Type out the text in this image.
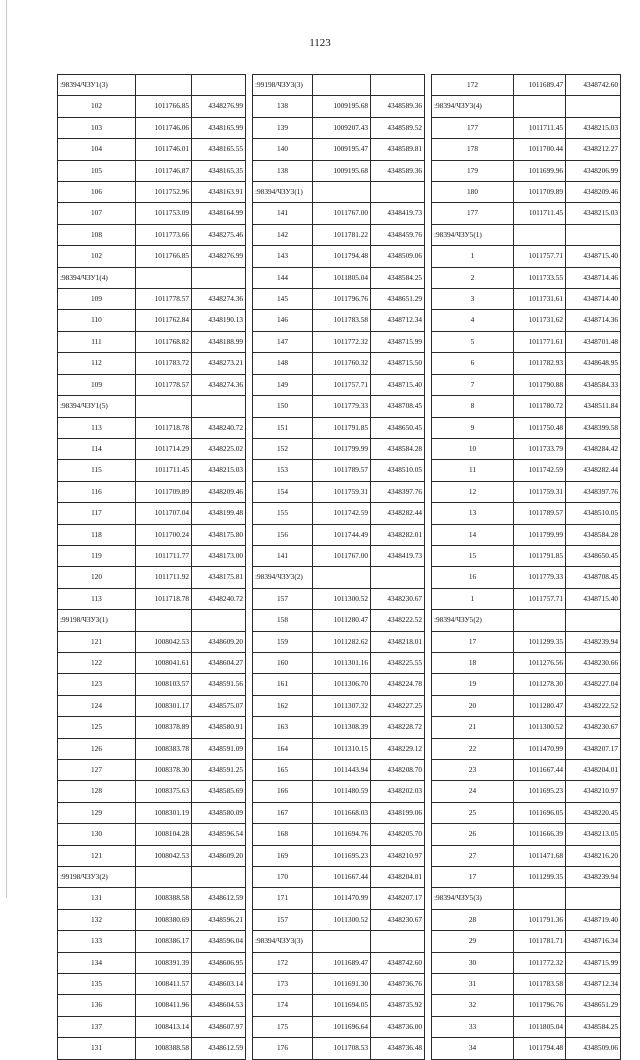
1123
:98394/ЧЗУ1(3)		
102	1011766.85	4348276.99
103	1011746.06	4348165.99
104	1011746.01	4348165.55
105	1011746.87	4348165.35
106	1011752.96	4348163.91
107	1011753.09	4348164.99
108	1011773.66	4348275.46
102	1011766.85	4348276.99
:98394/ЧЗУ1(4)		
109	1011778.57	4348274.36
110	1011762.84	4348190.13
111	1011768.82	4348188.99
112	1011783.72	4348273.21
109	1011778.57	4348274.36
:98394/ЧЗУ1(5)		
113	1011718.78	4348240.72
114	1011714.29	4348225.02
115	1011711.45	4348215.03
116	1011709.89	4348209.46
117	1011707.04	4348199.48
118	1011700.24	4348175.80
119	1011711.77	4348173.00
120	1011711.92	4348175.81
113	1011718.78	4348240.72
:99198/ЧЗУ3(1)		
121	1008042.53	4348609.20
122	1008041.61	4348604.27
123	1008103.57	4348591.56
124	1008301.17	4348575.07
125	1008378.89	4348580.91
126	1008383.78	4348591.09
127	1008378.30	4348591.25
128	1008375.63	4348585.69
129	1008301.19	4348580.09
130	1008104.28	4348596.54
121	1008042.53	4348609.20
:99198/ЧЗУ3(2)		
131	1008388.58	4348612.59
132	1008380.69	4348596.21
133	1008386.17	4348596.04
134	1008391.39	4348606.95
135	1008411.57	4348603.14
136	1008411.96	4348604.53
137	1008413.14	4348607.97
131	1008388.58	4348612.59
:99198/ЧЗУ3(3)		
138	1009195.68	4348589.36
139	1009207.43	4348589.52
140	1009195.47	4348589.81
138	1009195.68	4348589.36
:98394/ЧЗУ3(1)		
141	1011767.00	4348419.73
142	1011781.22	4348459.76
143	1011794.48	4348509.06
144	1011805.04	4348584.25
145	1011796.76	4348651.29
146	1011783.58	4348712.34
147	1011772.32	4348715.99
148	1011760.32	4348715.50
149	1011757.71	4348715.40
150	1011779.33	4348708.45
151	1011791.85	4348650.45
152	1011799.99	4348584.28
153	1011789.57	4348510.05
154	1011759.31	4348397.76
155	1011742.59	4348282.44
156	1011744.49	4348282.01
141	1011767.00	4348419.73
:98394/ЧЗУ3(2)		
157	1011300.52	4348230.67
158	1011280.47	4348222.52
159	1011282.62	4348218.01
160	1011301.16	4348225.55
161	1011306.70	4348224.78
162	1011307.32	4348227.25
163	1011308.39	4348228.72
164	1011310.15	4348229.12
165	1011443.94	4348208.70
166	1011480.59	4348202.03
167	1011668.03	4348199.06
168	1011694.76	4348205.70
169	1011695.23	4348210.97
170	1011667.44	4348204.01
171	1011470.99	4348207.17
157	1011300.52	4348230.67
:98394/ЧЗУ3(3)		
172	1011689.47	4348742.60
173	1011691.30	4348736.76
174	1011694.05	4348735.92
175	1011696.64	4348736.00
176	1011708.53	4348736.48
172	1011689.47	4348742.60
:98394/ЧЗУ3(4)		
177	1011711.45	4348215.03
178	1011700.44	4348212.27
179	1011699.96	4348206.99
180	1011709.89	4348209.46
177	1011711.45	4348215.03
:98394/ЧЗУ5(1)		
1	1011757.71	4348715.40
2	1011733.55	4348714.46
3	1011731.61	4348714.40
4	1011731.62	4348714.36
5	1011771.61	4348701.48
6	1011782.93	4348648.95
7	1011790.88	4348584.33
8	1011780.72	4348511.84
9	1011750.48	4348399.58
10	1011733.79	4348284.42
11	1011742.59	4348282.44
12	1011759.31	4348397.76
13	1011789.57	4348510.05
14	1011799.99	4348584.28
15	1011791.85	4348650.45
16	1011779.33	4348708.45
1	1011757.71	4348715.40
:98394/ЧЗУ5(2)		
17	1011299.35	4348239.94
18	1011276.56	4348230.66
19	1011278.30	4348227.04
20	1011280.47	4348222.52
21	1011300.52	4348230.67
22	1011470.99	4348207.17
23	1011667.44	4348204.01
24	1011695.23	4348210.97
25	1011696.05	4348220.45
26	1011666.39	4348213.05
27	1011471.68	4348216.20
17	1011299.35	4348239.94
:98394/ЧЗУ5(3)		
28	1011791.36	4348719.40
29	1011781.71	4348716.34
30	1011772.32	4348715.99
31	1011783.58	4348712.34
32	1011796.76	4348651.29
33	1011805.04	4348584.25
34	1011794.48	4348509.06
